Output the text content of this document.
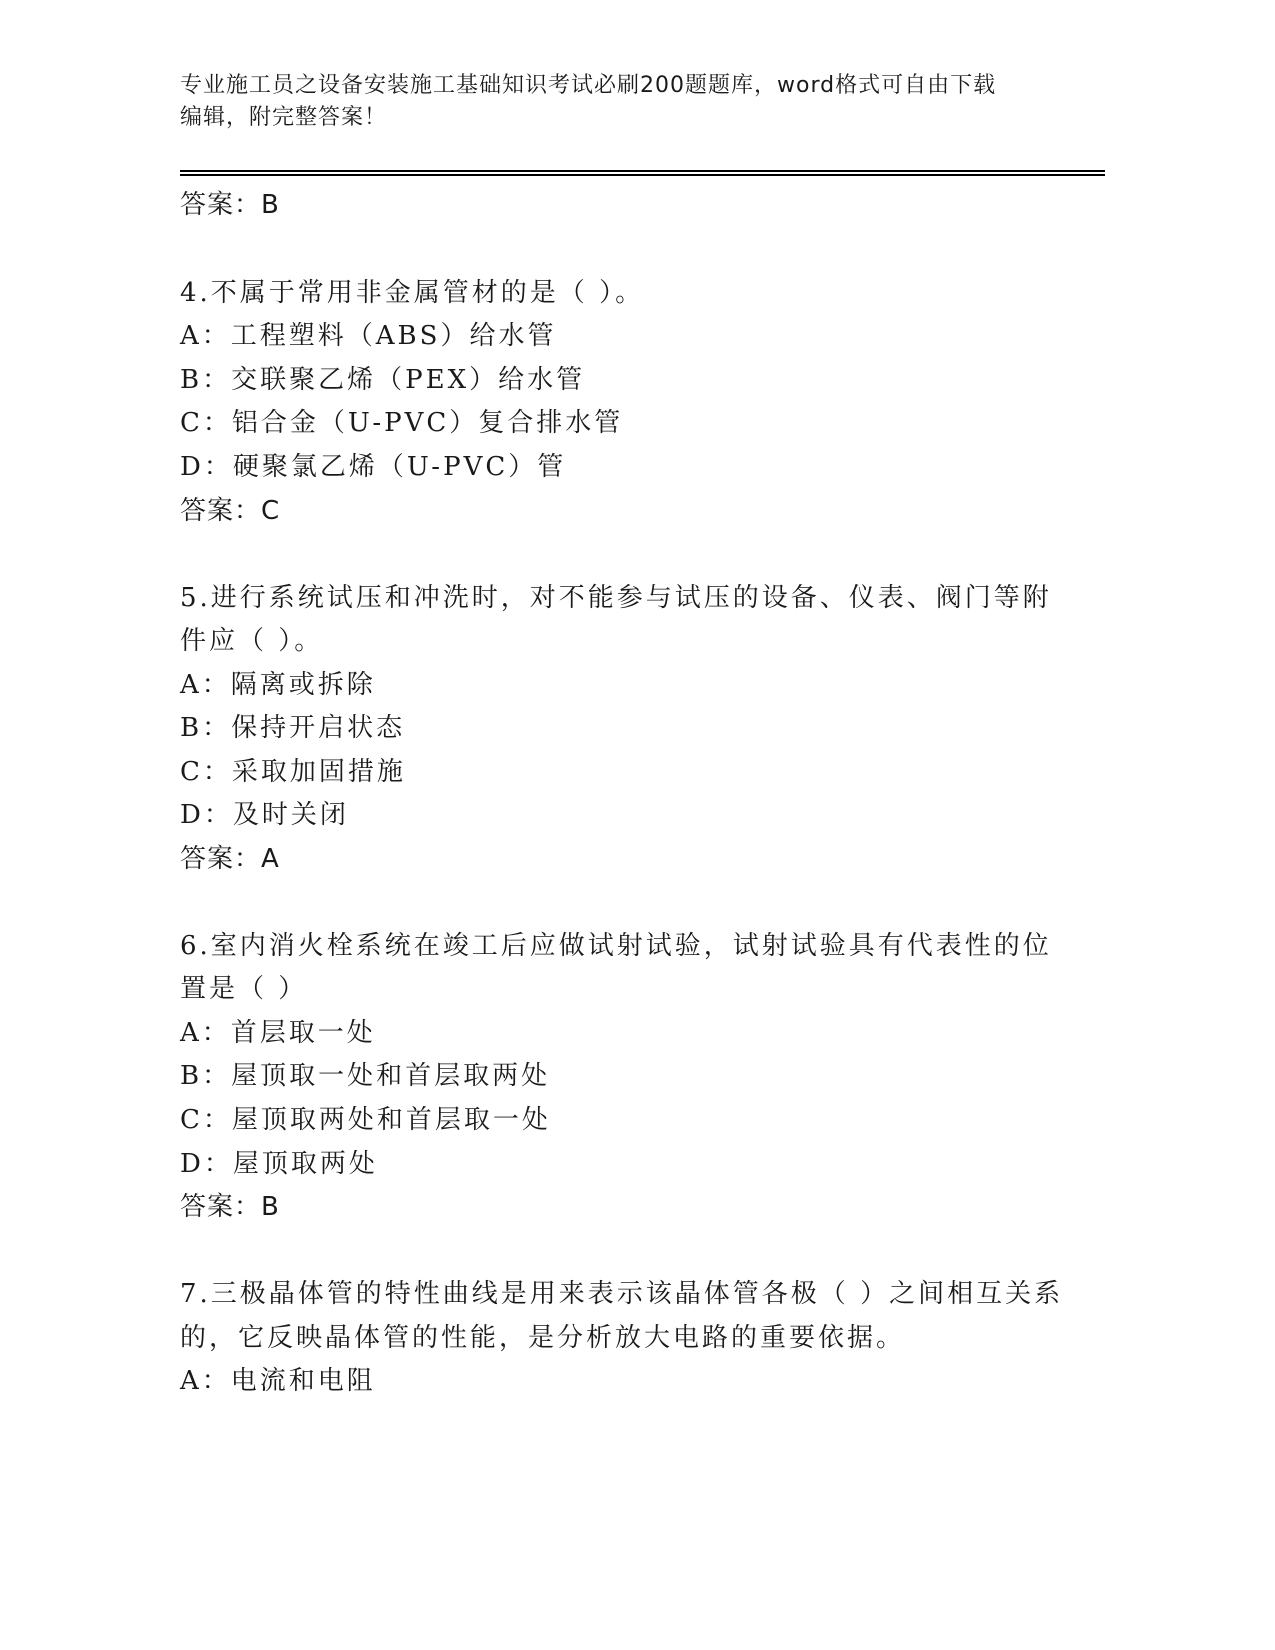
专业施工员之设备安装施工基础知识考试必刷200题题库，word格式可自由下载
编辑，附完整答案！
答案：B
4.不属于常用非金属管材的是（ ）。
A：工程塑料（ABS）给水管
B：交联聚乙烯（PEX）给水管
C：铝合金（U-PVC）复合排水管
D：硬聚氯乙烯（U-PVC）管
答案：C
5.进行系统试压和冲洗时，对不能参与试压的设备、仪表、阀门等附
件应（ ）。
A：隔离或拆除
B：保持开启状态
C：采取加固措施
D：及时关闭
答案：A
6.室内消火栓系统在竣工后应做试射试验，试射试验具有代表性的位
置是（ ）
A：首层取一处
B：屋顶取一处和首层取两处
C：屋顶取两处和首层取一处
D：屋顶取两处
答案：B
7.三极晶体管的特性曲线是用来表示该晶体管各极（ ）之间相互关系
的，它反映晶体管的性能，是分析放大电路的重要依据。
A：电流和电阻
